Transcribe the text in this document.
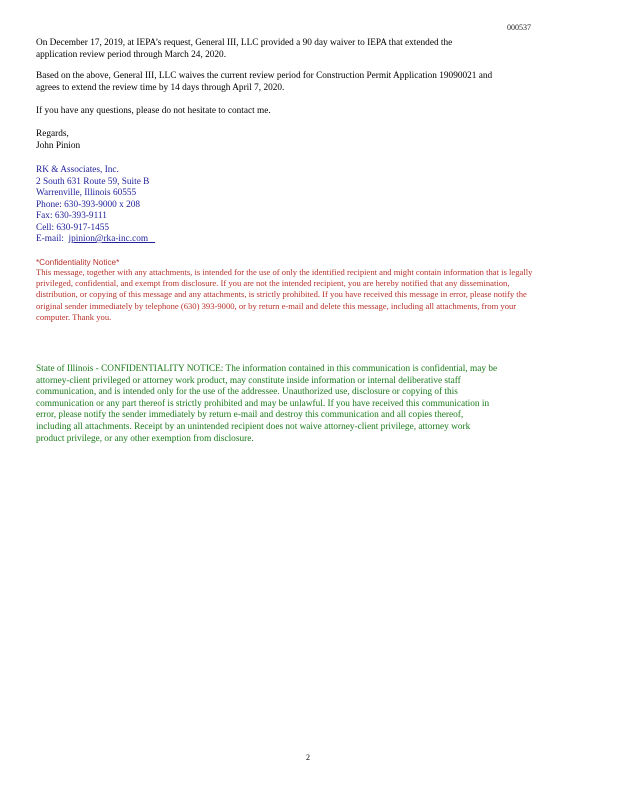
000537
On December 17, 2019, at IEPA’s request, General III, LLC provided a 90 day waiver to IEPA that extended the
application review period through March 24, 2020.
Based on the above, General III, LLC waives the current review period for Construction Permit Application 19090021 and
agrees to extend the review time by 14 days through April 7, 2020.
If you have any questions, please do not hesitate to contact me.
Regards,
John Pinion
RK & Associates, Inc.
2 South 631 Route 59, Suite B
Warrenville, Illinois 60555
Phone: 630-393-9000 x 208
Fax: 630-393-9111
Cell: 630-917-1455
E-mail: jpinion@rka-inc.com
*Confidentiality Notice*
This message, together with any attachments, is intended for the use of only the identified recipient and might contain information that is legally
privileged, confidential, and exempt from disclosure. If you are not the intended recipient, you are hereby notified that any dissemination,
distribution, or copying of this message and any attachments, is strictly prohibited. If you have received this message in error, please notify the
original sender immediately by telephone (630) 393-9000, or by return e-mail and delete this message, including all attachments, from your
computer. Thank you.
State of Illinois - CONFIDENTIALITY NOTICE: The information contained in this communication is confidential, may be
attorney-client privileged or attorney work product, may constitute inside information or internal deliberative staff
communication, and is intended only for the use of the addressee. Unauthorized use, disclosure or copying of this
communication or any part thereof is strictly prohibited and may be unlawful. If you have received this communication in
error, please notify the sender immediately by return e-mail and destroy this communication and all copies thereof,
including all attachments. Receipt by an unintended recipient does not waive attorney-client privilege, attorney work
product privilege, or any other exemption from disclosure.
2
